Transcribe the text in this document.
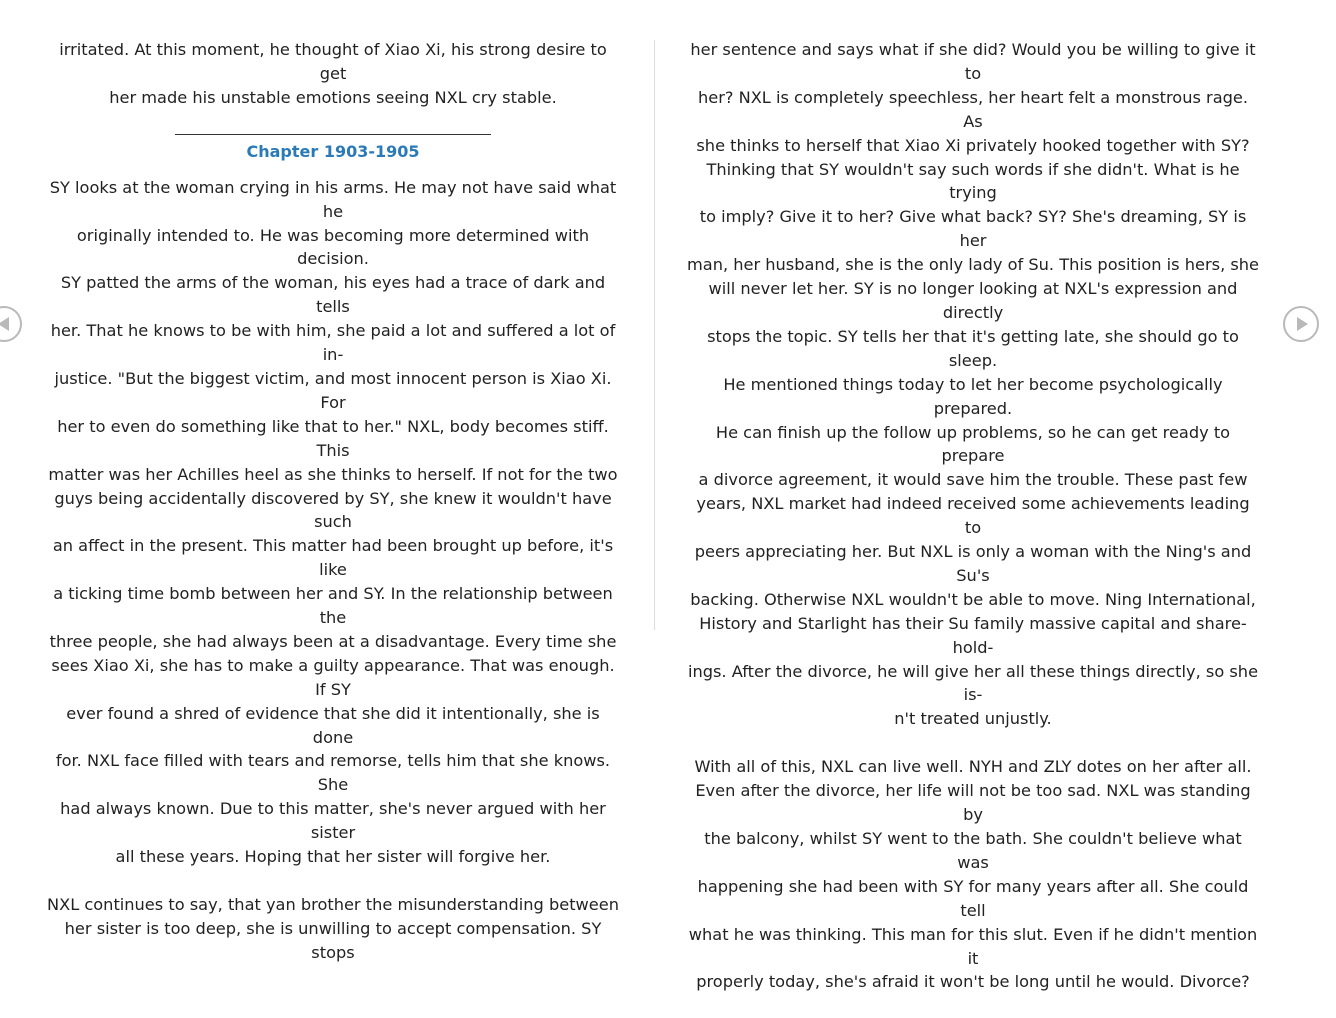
irritated. At this moment, he thought of Xiao Xi, his strong desire to get
her made his unstable emotions seeing NXL cry stable.

Chapter 1903-1905

SY looks at the woman crying in his arms. He may not have said what he
originally intended to. He was becoming more determined with decision.
SY patted the arms of the woman, his eyes had a trace of dark and tells
her. That he knows to be with him, she paid a lot and suffered a lot of in-
justice. "But the biggest victim, and most innocent person is Xiao Xi. For
her to even do something like that to her." NXL, body becomes stiff. This
matter was her Achilles heel as she thinks to herself. If not for the two
guys being accidentally discovered by SY, she knew it wouldn't have such
an affect in the present. This matter had been brought up before, it's like
a ticking time bomb between her and SY. In the relationship between the
three people, she had always been at a disadvantage. Every time she
sees Xiao Xi, she has to make a guilty appearance. That was enough. If SY
ever found a shred of evidence that she did it intentionally, she is done
for. NXL face filled with tears and remorse, tells him that she knows. She
had always known. Due to this matter, she's never argued with her sister
all these years. Hoping that her sister will forgive her.

NXL continues to say, that yan brother the misunderstanding between
her sister is too deep, she is unwilling to accept compensation. SY stops

her sentence and says what if she did? Would you be willing to give it to
her? NXL is completely speechless, her heart felt a monstrous rage. As
she thinks to herself that Xiao Xi privately hooked together with SY?
Thinking that SY wouldn't say such words if she didn't. What is he trying
to imply? Give it to her? Give what back? SY? She's dreaming, SY is her
man, her husband, she is the only lady of Su. This position is hers, she
will never let her. SY is no longer looking at NXL's expression and directly
stops the topic. SY tells her that it's getting late, she should go to sleep.
He mentioned things today to let her become psychologically prepared.
He can finish up the follow up problems, so he can get ready to prepare
a divorce agreement, it would save him the trouble. These past few
years, NXL market had indeed received some achievements leading to
peers appreciating her. But NXL is only a woman with the Ning's and Su's
backing. Otherwise NXL wouldn't be able to move. Ning International,
History and Starlight has their Su family massive capital and share-hold-
ings. After the divorce, he will give her all these things directly, so she is-
n't treated unjustly.

With all of this, NXL can live well. NYH and ZLY dotes on her after all.
Even after the divorce, her life will not be too sad. NXL was standing by
the balcony, whilst SY went to the bath. She couldn't believe what was
happening she had been with SY for many years after all. She could tell
what he was thinking. This man for this slut. Even if he didn't mention it
properly today, she's afraid it won't be long until he would. Divorce?
